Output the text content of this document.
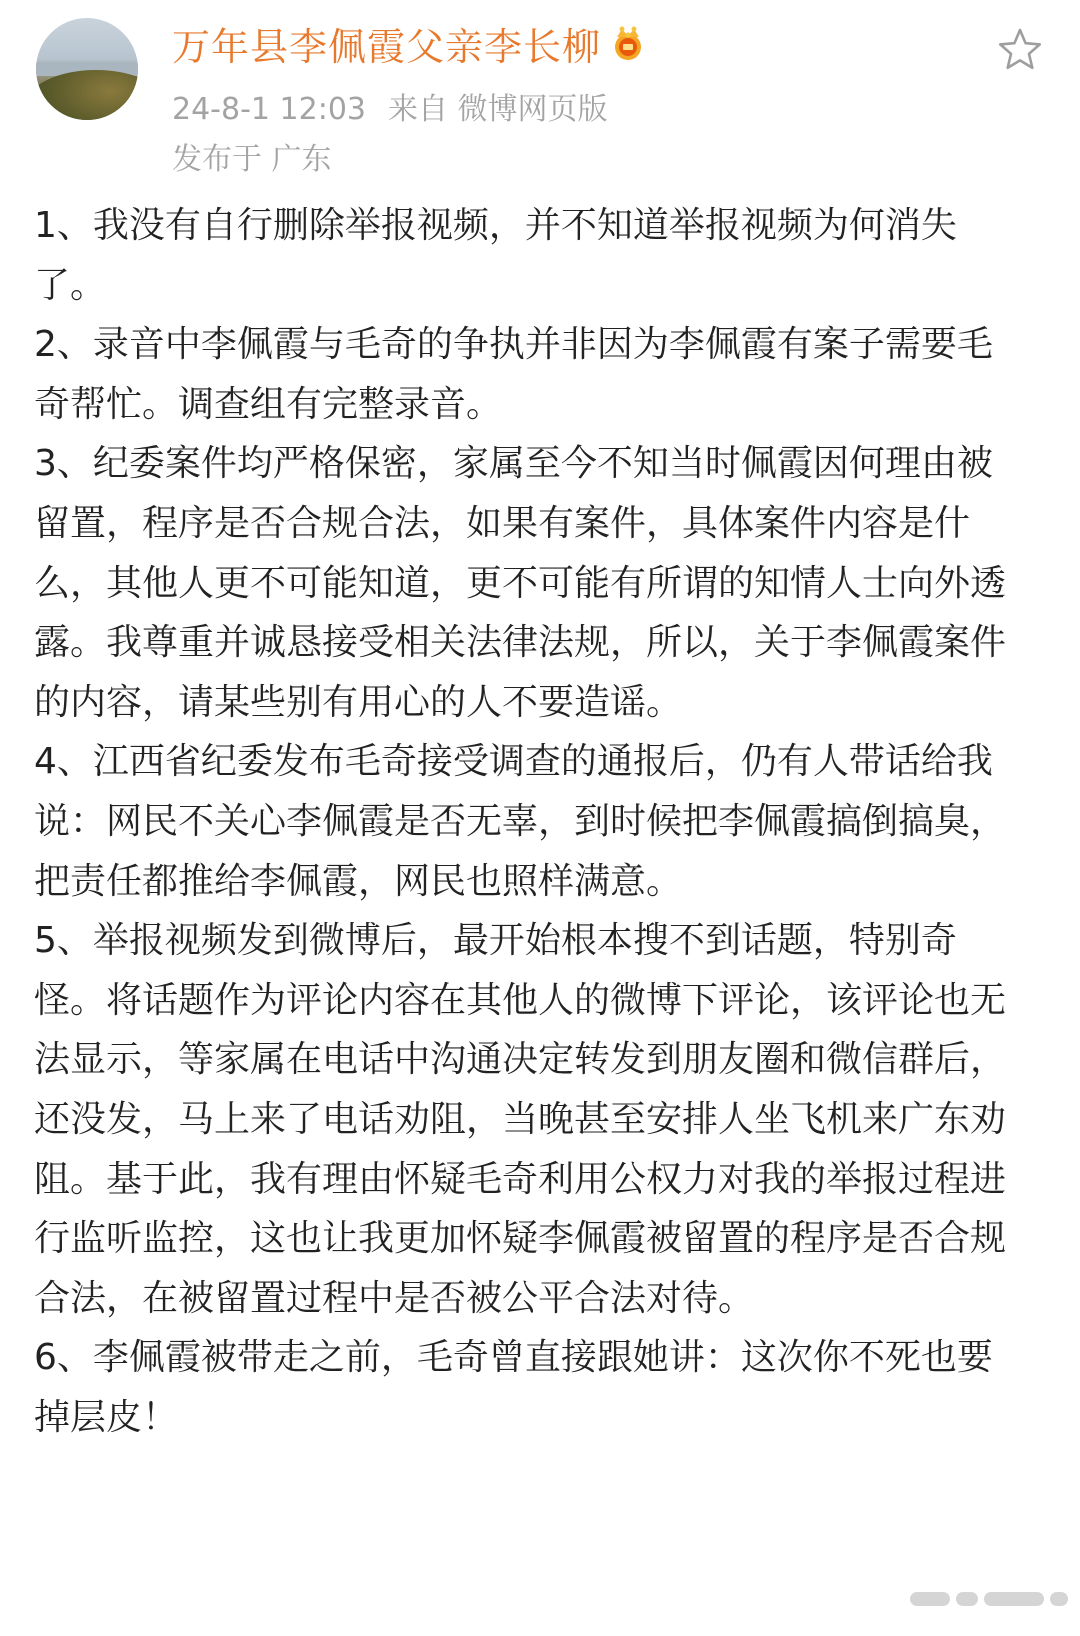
万年县李佩霞父亲李长柳
24-8-1 12:03 来自 微博网页版
发布于 广东

1、我没有自行删除举报视频，并不知道举报视频为何消失了。

2、录音中李佩霞与毛奇的争执并非因为李佩霞有案子需要毛奇帮忙。调查组有完整录音。

3、纪委案件均严格保密，家属至今不知当时佩霞因何理由被留置，程序是否合规合法，如果有案件，具体案件内容是什么，其他人更不可能知道，更不可能有所谓的知情人士向外透露。我尊重并诚恳接受相关法律法规，所以，关于李佩霞案件的内容，请某些别有用心的人不要造谣。

4、江西省纪委发布毛奇接受调查的通报后，仍有人带话给我说：网民不关心李佩霞是否无辜，到时候把李佩霞搞倒搞臭，把责任都推给李佩霞，网民也照样满意。

5、举报视频发到微博后，最开始根本搜不到话题，特别奇怪。将话题作为评论内容在其他人的微博下评论，该评论也无法显示，等家属在电话中沟通决定转发到朋友圈和微信群后，还没发，马上来了电话劝阻，当晚甚至安排人坐飞机来广东劝阻。基于此，我有理由怀疑毛奇利用公权力对我的举报过程进行监听监控，这也让我更加怀疑李佩霞被留置的程序是否合规合法，在被留置过程中是否被公平合法对待。

6、李佩霞被带走之前，毛奇曾直接跟她讲：这次你不死也要掉层皮！
